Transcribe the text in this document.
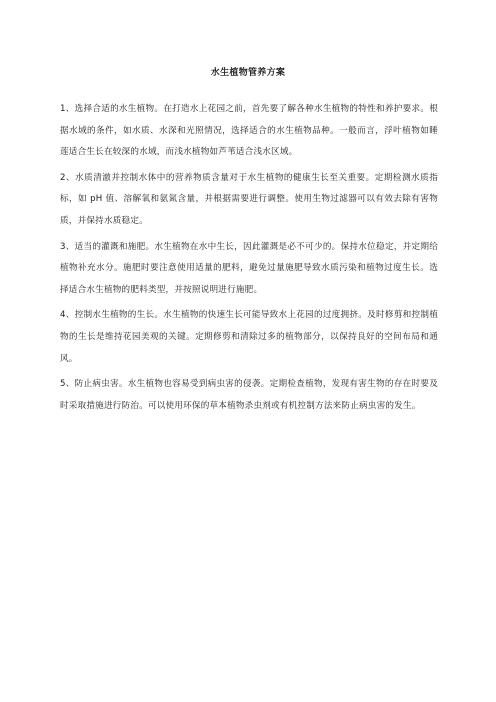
水生植物管养方案

1、选择合适的水生植物。在打造水上花园之前，首先要了解各种水生植物的特性和养护要求。根据水域的条件，如水质、水深和光照情况，选择适合的水生植物品种。一般而言，浮叶植物如睡莲适合生长在较深的水域，而浅水植物如芦苇适合浅水区域。

2、水质清澈并控制水体中的营养物质含量对于水生植物的健康生长至关重要。定期检测水质指标，如 pH 值、溶解氧和氨氮含量，并根据需要进行调整。使用生物过滤器可以有效去除有害物质，并保持水质稳定。

3、适当的灌溉和施肥。水生植物在水中生长，因此灌溉是必不可少的。保持水位稳定，并定期给植物补充水分。施肥时要注意使用适量的肥料，避免过量施肥导致水质污染和植物过度生长。选择适合水生植物的肥料类型，并按照说明进行施肥。

4、控制水生植物的生长。水生植物的快速生长可能导致水上花园的过度拥挤。及时修剪和控制植物的生长是维持花园美观的关键。定期修剪和清除过多的植物部分，以保持良好的空间布局和通风。

5、防止病虫害。水生植物也容易受到病虫害的侵袭。定期检查植物，发现有害生物的存在时要及时采取措施进行防治。可以使用环保的草本植物杀虫剂或有机控制方法来防止病虫害的发生。
